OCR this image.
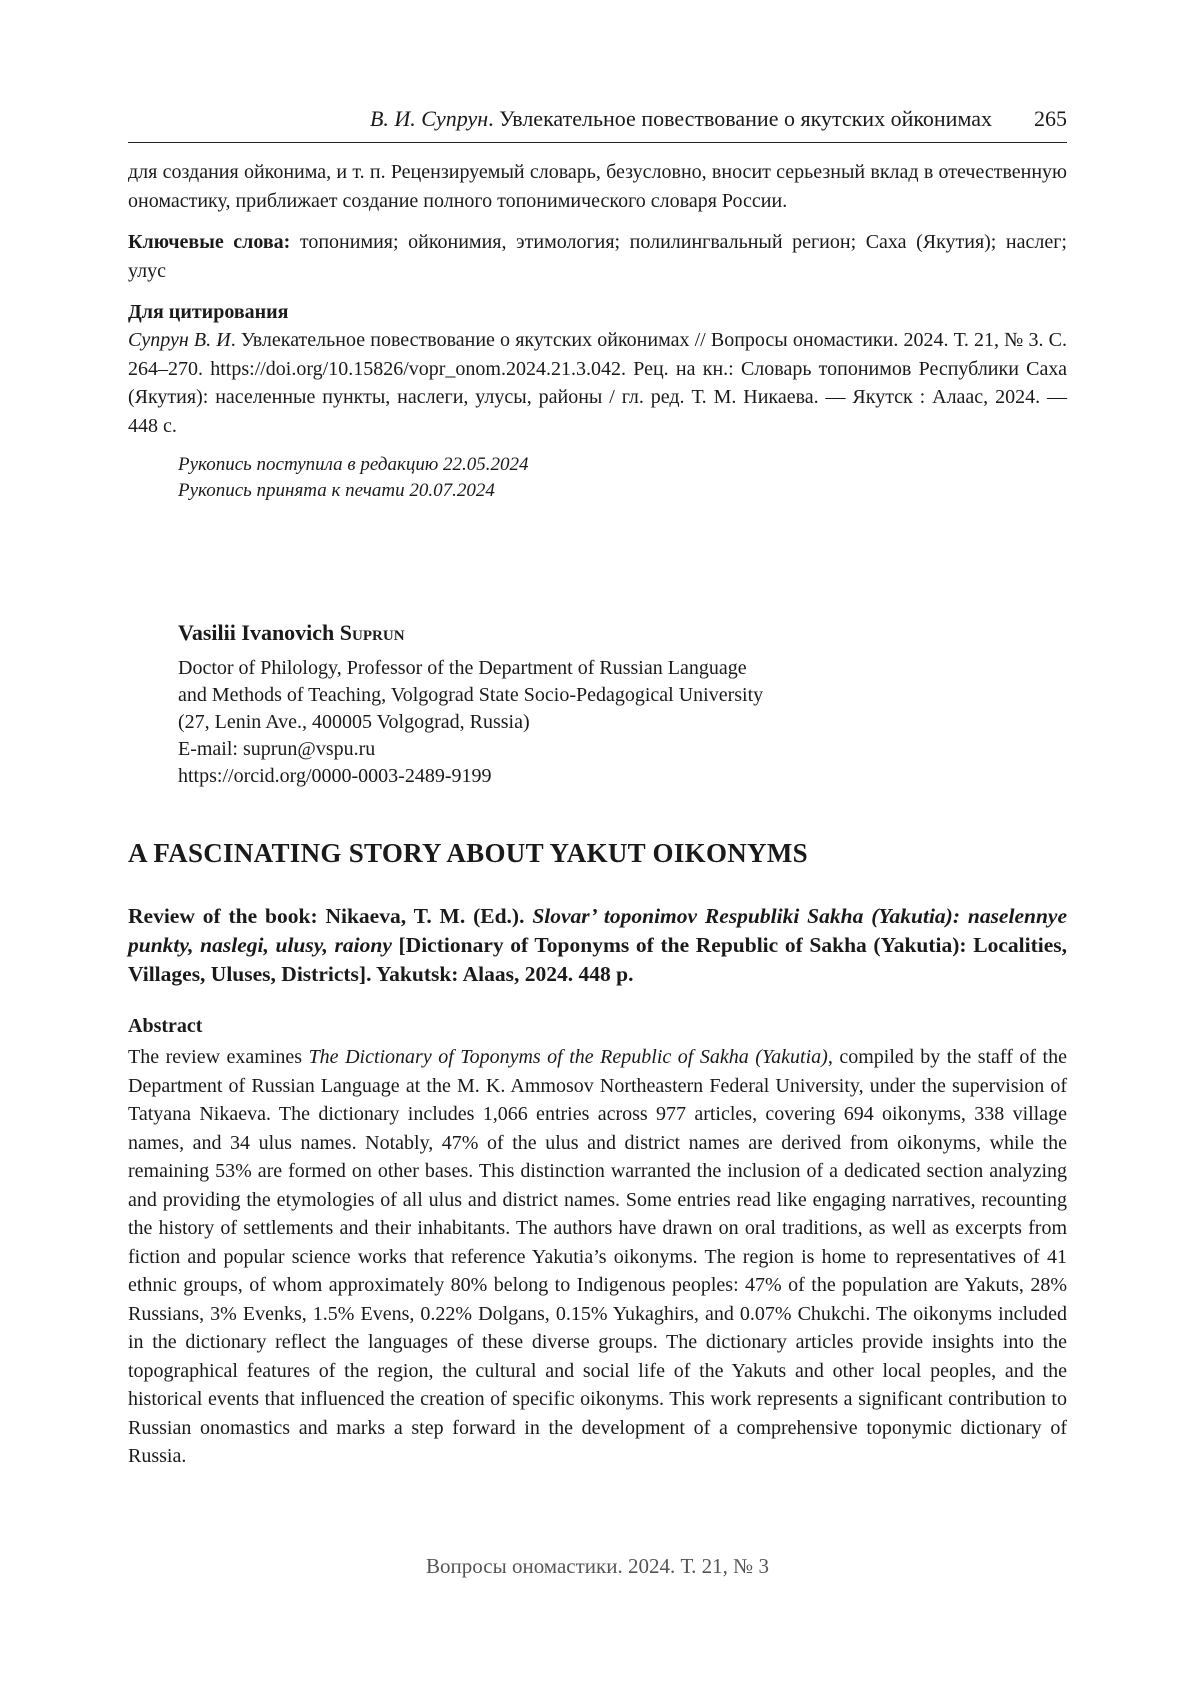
В. И. Супрун. Увлекательное повествование о якутских ойконимах 265
для создания ойконима, и т. п. Рецензируемый словарь, безусловно, вносит серьезный вклад в отечественную ономастику, приближает создание полного топонимического словаря России.
Ключевые слова: топонимия; ойконимия, этимология; полилингвальный регион; Саха (Якутия); наслег; улус
Для цитирования
Супрун В. И. Увлекательное повествование о якутских ойконимах // Вопросы ономастики. 2024. Т. 21, № 3. С. 264–270. https://doi.org/10.15826/vopr_onom.2024.21.3.042. Рец. на кн.: Словарь топонимов Республики Саха (Якутия): населенные пункты, наслеги, улусы, районы / гл. ред. Т. М. Никаева. — Якутск : Алаас, 2024. — 448 с.
Рукопись поступила в редакцию 22.05.2024
Рукопись принята к печати 20.07.2024
Vasilii Ivanovich Suprun
Doctor of Philology, Professor of the Department of Russian Language
and Methods of Teaching, Volgograd State Socio-Pedagogical University
(27, Lenin Ave., 400005 Volgograd, Russia)
E-mail: suprun@vspu.ru
https://orcid.org/0000-0003-2489-9199
A FASCINATING STORY ABOUT YAKUT OIKONYMS
Review of the book: Nikaeva, T. M. (Ed.). Slovar’ toponimov Respubliki Sakha (Yakutia): naselennye punkty, naslegi, ulusy, raiony [Dictionary of Toponyms of the Republic of Sakha (Yakutia): Localities, Villages, Uluses, Districts]. Yakutsk: Alaas, 2024. 448 p.
Abstract
The review examines The Dictionary of Toponyms of the Republic of Sakha (Yakutia), compiled by the staff of the Department of Russian Language at the M. K. Ammosov Northeastern Federal University, under the supervision of Tatyana Nikaeva. The dictionary includes 1,066 entries across 977 articles, covering 694 oikonyms, 338 village names, and 34 ulus names. Notably, 47% of the ulus and district names are derived from oikonyms, while the remaining 53% are formed on other bases. This distinction warranted the inclusion of a dedicated section analyzing and providing the etymologies of all ulus and district names. Some entries read like engaging narratives, recounting the history of settlements and their inhabitants. The authors have drawn on oral traditions, as well as excerpts from fiction and popular science works that reference Yakutia’s oikonyms. The region is home to representatives of 41 ethnic groups, of whom approximately 80% belong to Indigenous peoples: 47% of the population are Yakuts, 28% Russians, 3% Evenks, 1.5% Evens, 0.22% Dolgans, 0.15% Yukaghirs, and 0.07% Chukchi. The oikonyms included in the dictionary reflect the languages of these diverse groups. The dictionary articles provide insights into the topographical features of the region, the cultural and social life of the Yakuts and other local peoples, and the historical events that influenced the creation of specific oikonyms. This work represents a significant contribution to Russian onomastics and marks a step forward in the development of a comprehensive toponymic dictionary of Russia.
Вопросы ономастики. 2024. Т. 21, № 3
